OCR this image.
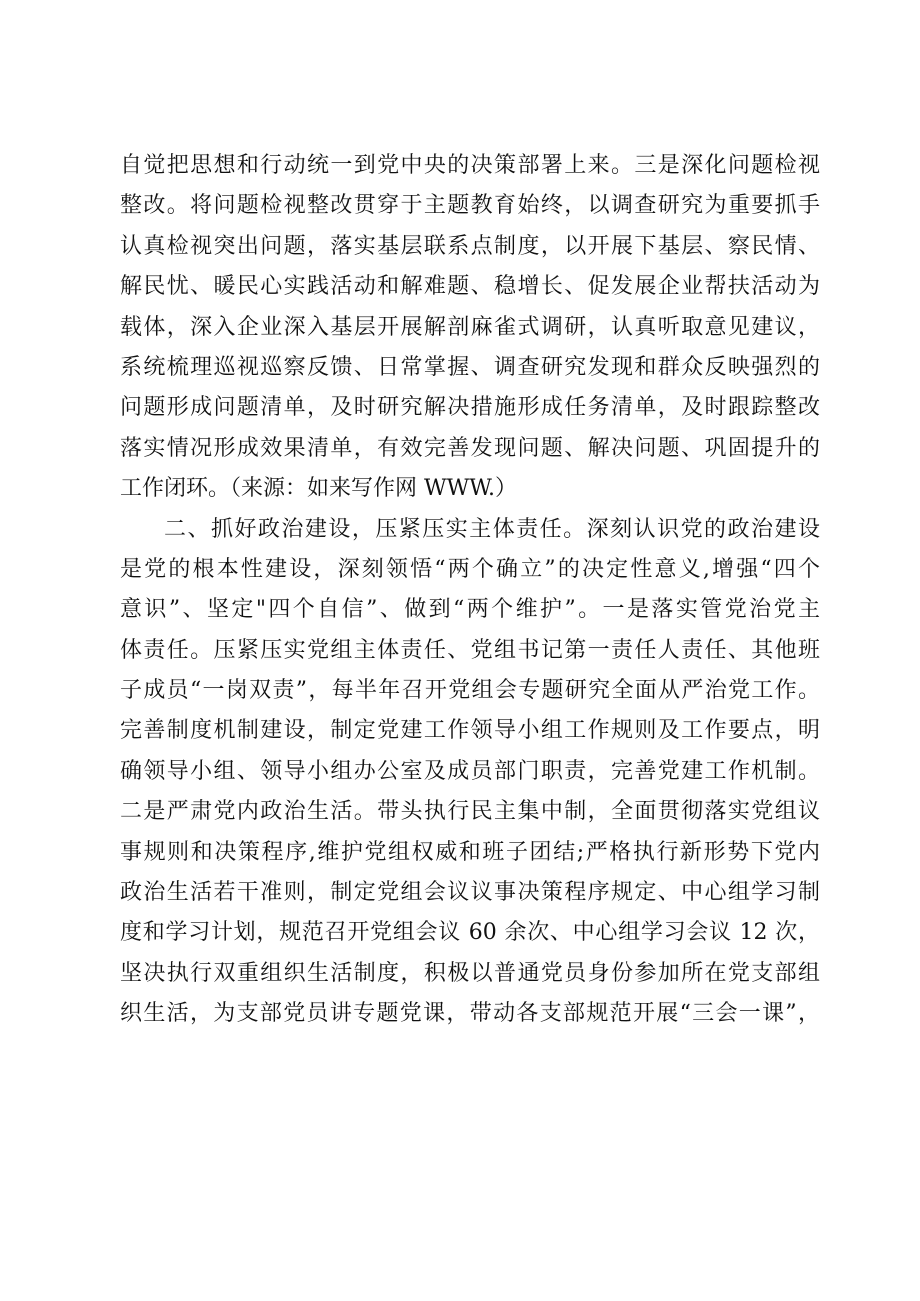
自觉把思想和行动统一到党中央的决策部署上来。三是深化问题检视
整改。将问题检视整改贯穿于主题教育始终，以调查研究为重要抓手
认真检视突出问题，落实基层联系点制度，以开展下基层、察民情、
解民忧、暖民心实践活动和解难题、稳增长、促发展企业帮扶活动为
载体，深入企业深入基层开展解剖麻雀式调研，认真听取意见建议，
系统梳理巡视巡察反馈、日常掌握、调查研究发现和群众反映强烈的
问题形成问题清单，及时研究解决措施形成任务清单，及时跟踪整改
落实情况形成效果清单，有效完善发现问题、解决问题、巩固提升的
工作闭环。（来源：如来写作网 WWW.）
二、抓好政治建设，压紧压实主体责任。深刻认识党的政治建设
是党的根本性建设，深刻领悟“两个确立”的决定性意义,增强“四个
意识”、坚定"四个自信”、做到“两个维护”。一是落实管党治党主
体责任。压紧压实党组主体责任、党组书记第一责任人责任、其他班
子成员“一岗双责”，每半年召开党组会专题研究全面从严治党工作。
完善制度机制建设，制定党建工作领导小组工作规则及工作要点，明
确领导小组、领导小组办公室及成员部门职责，完善党建工作机制。
二是严肃党内政治生活。带头执行民主集中制，全面贯彻落实党组议
事规则和决策程序,维护党组权威和班子团结;严格执行新形势下党内
政治生活若干准则，制定党组会议议事决策程序规定、中心组学习制
度和学习计划，规范召开党组会议 60 余次、中心组学习会议 12 次，
坚决执行双重组织生活制度，积极以普通党员身份参加所在党支部组
织生活，为支部党员讲专题党课，带动各支部规范开展“三会一课”，
